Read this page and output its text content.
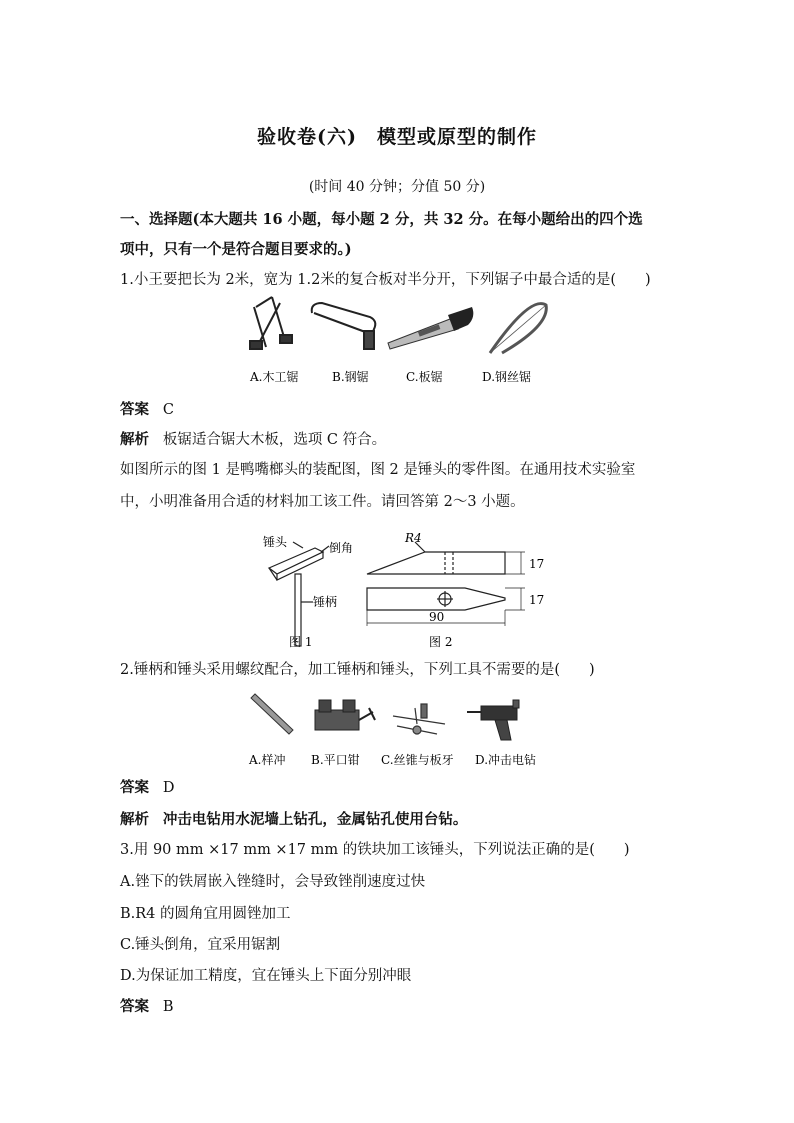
验收卷(六)　模型或原型的制作
(时间 40 分钟；分值 50 分)
一、选择题(本大题共 16 小题，每小题 2 分，共 32 分。在每小题给出的四个选
项中，只有一个是符合题目要求的。)
1.小王要把长为 2米，宽为 1.2米的复合板对半分开，下列锯子中最合适的是(　　)
A.木工锯	B.钢锯	C.板锯	D.钢丝锯
答案 C
解析 板锯适合锯大木板，选项 C 符合。
如图所示的图 1 是鸭嘴榔头的装配图，图 2 是锤头的零件图。在通用技术实验室
中，小明准备用合适的材料加工该工件。请回答第 2～3 小题。
锤头	倒角
锤柄
图 1
R4
17
17
90
图 2
2.锤柄和锤头采用螺纹配合，加工锤柄和锤头，下列工具不需要的是(　　)
A.样冲 B.平口钳 C.丝锥与板牙 D.冲击电钻
答案 D
解析 冲击电钻用水泥墙上钻孔，金属钻孔使用台钻。
3.用 90 mm ×17 mm ×17 mm 的铁块加工该锤头，下列说法正确的是(　　)
A.锉下的铁屑嵌入锉缝时，会导致锉削速度过快
B.R4 的圆角宜用圆锉加工
C.锤头倒角，宜采用锯割
D.为保证加工精度，宜在锤头上下面分别冲眼
答案 B
